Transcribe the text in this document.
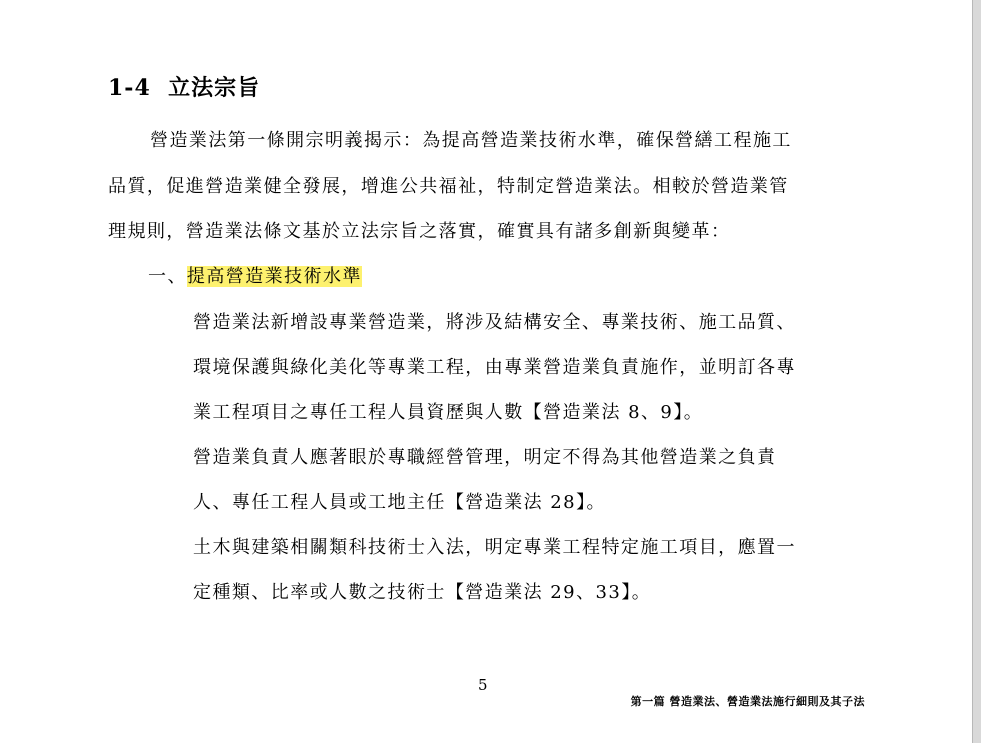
1-4 立法宗旨
營造業法第一條開宗明義揭示：為提高營造業技術水準，確保營繕工程施工
品質，促進營造業健全發展，增進公共福祉，特制定營造業法。相較於營造業管
理規則，營造業法條文基於立法宗旨之落實，確實具有諸多創新與變革：
一、提高營造業技術水準
營造業法新增設專業營造業，將涉及結構安全、專業技術、施工品質、
環境保護與綠化美化等專業工程，由專業營造業負責施作，並明訂各專
業工程項目之專任工程人員資歷與人數【營造業法 8、9】。
營造業負責人應著眼於專職經營管理，明定不得為其他營造業之負責
人、專任工程人員或工地主任【營造業法 28】。
土木與建築相關類科技術士入法，明定專業工程特定施工項目，應置一
定種類、比率或人數之技術士【營造業法 29、33】。
5
第一篇 營造業法、營造業法施行細則及其子法
